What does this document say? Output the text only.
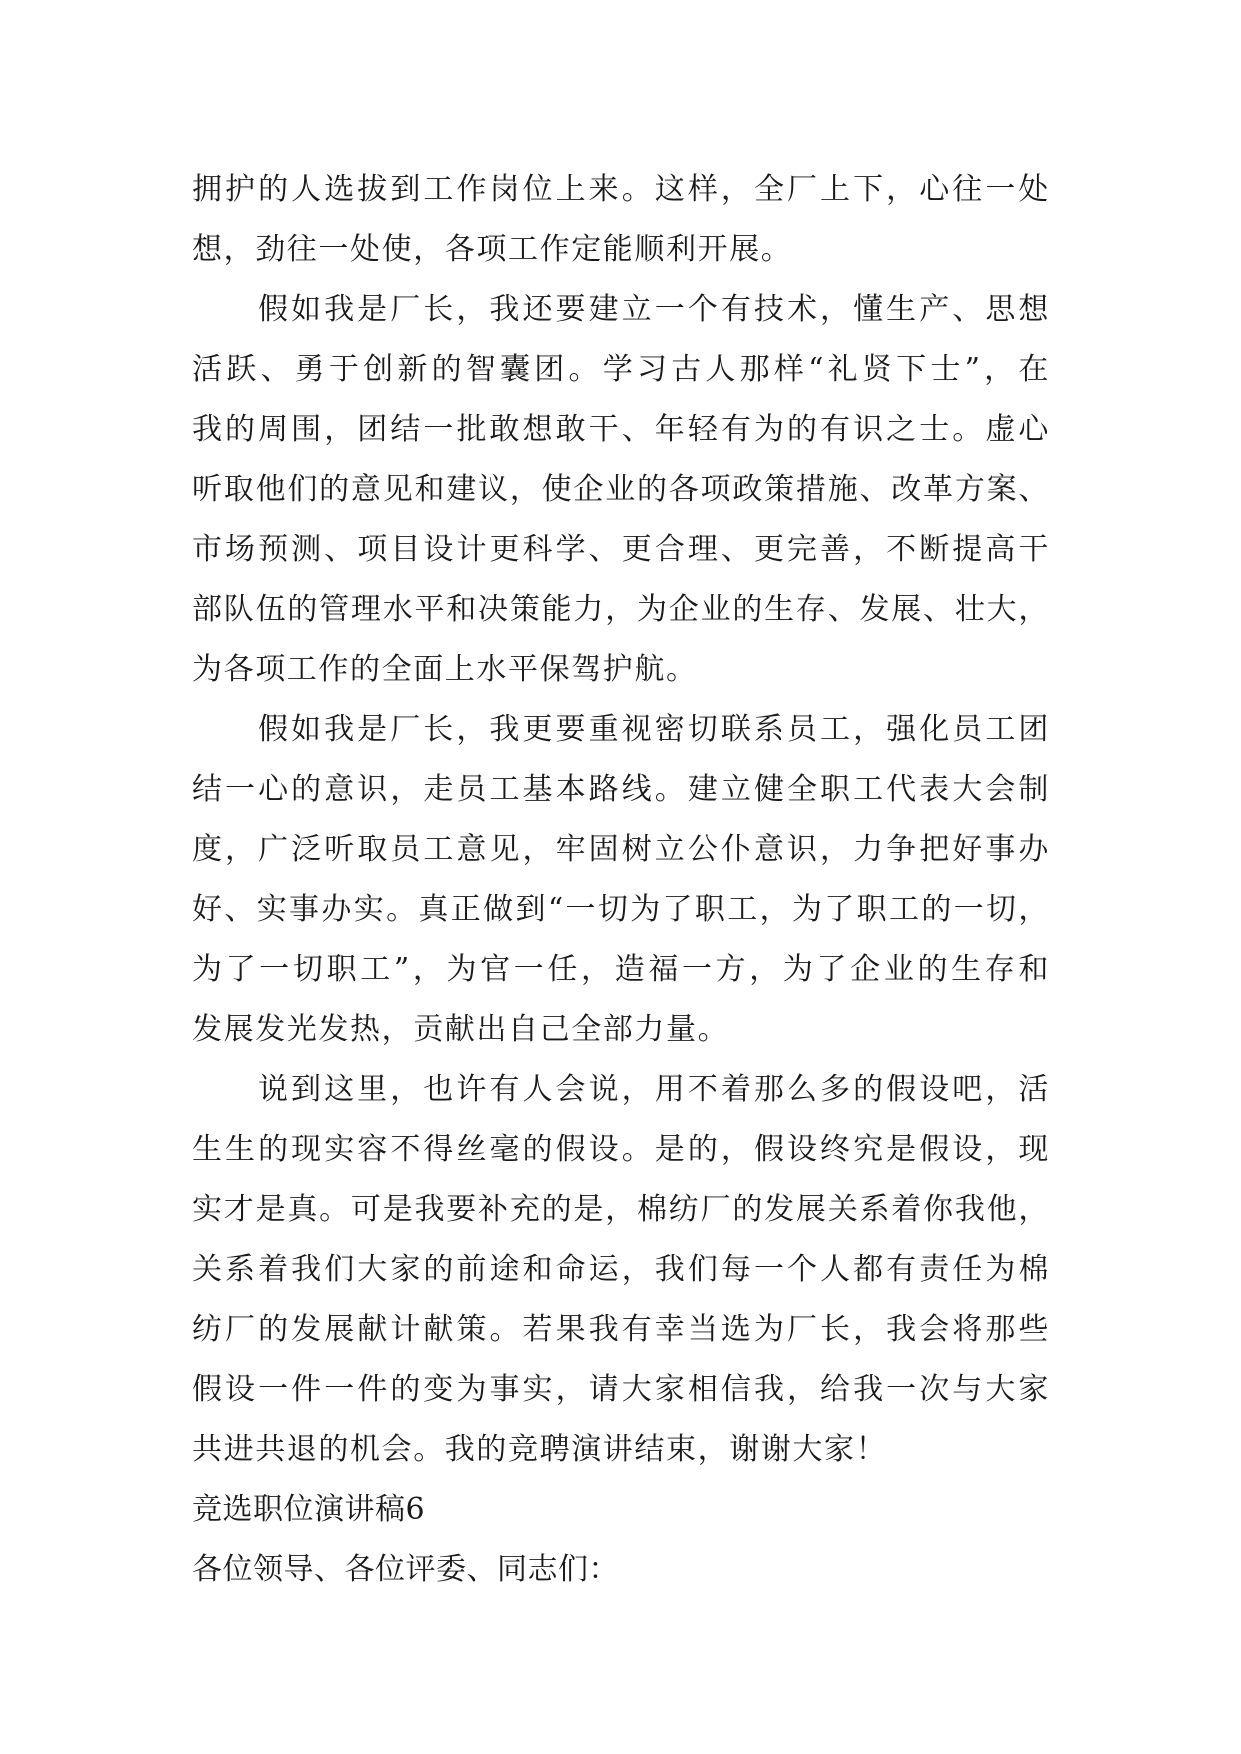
拥护的人选拔到工作岗位上来。这样，全厂上下，心往一处
想，劲往一处使，各项工作定能顺利开展。
假如我是厂长，我还要建立一个有技术，懂生产、思想
活跃、勇于创新的智囊团。学习古人那样“礼贤下士”，在
我的周围，团结一批敢想敢干、年轻有为的有识之士。虚心
听取他们的意见和建议，使企业的各项政策措施、改革方案、
市场预测、项目设计更科学、更合理、更完善，不断提高干
部队伍的管理水平和决策能力，为企业的生存、发展、壮大，
为各项工作的全面上水平保驾护航。
假如我是厂长，我更要重视密切联系员工，强化员工团
结一心的意识，走员工基本路线。建立健全职工代表大会制
度，广泛听取员工意见，牢固树立公仆意识，力争把好事办
好、实事办实。真正做到“一切为了职工，为了职工的一切，
为了一切职工”，为官一任，造福一方，为了企业的生存和
发展发光发热，贡献出自己全部力量。
说到这里，也许有人会说，用不着那么多的假设吧，活
生生的现实容不得丝毫的假设。是的，假设终究是假设，现
实才是真。可是我要补充的是，棉纺厂的发展关系着你我他，
关系着我们大家的前途和命运，我们每一个人都有责任为棉
纺厂的发展献计献策。若果我有幸当选为厂长，我会将那些
假设一件一件的变为事实，请大家相信我，给我一次与大家
共进共退的机会。我的竞聘演讲结束，谢谢大家！
竞选职位演讲稿6
各位领导、各位评委、同志们：
